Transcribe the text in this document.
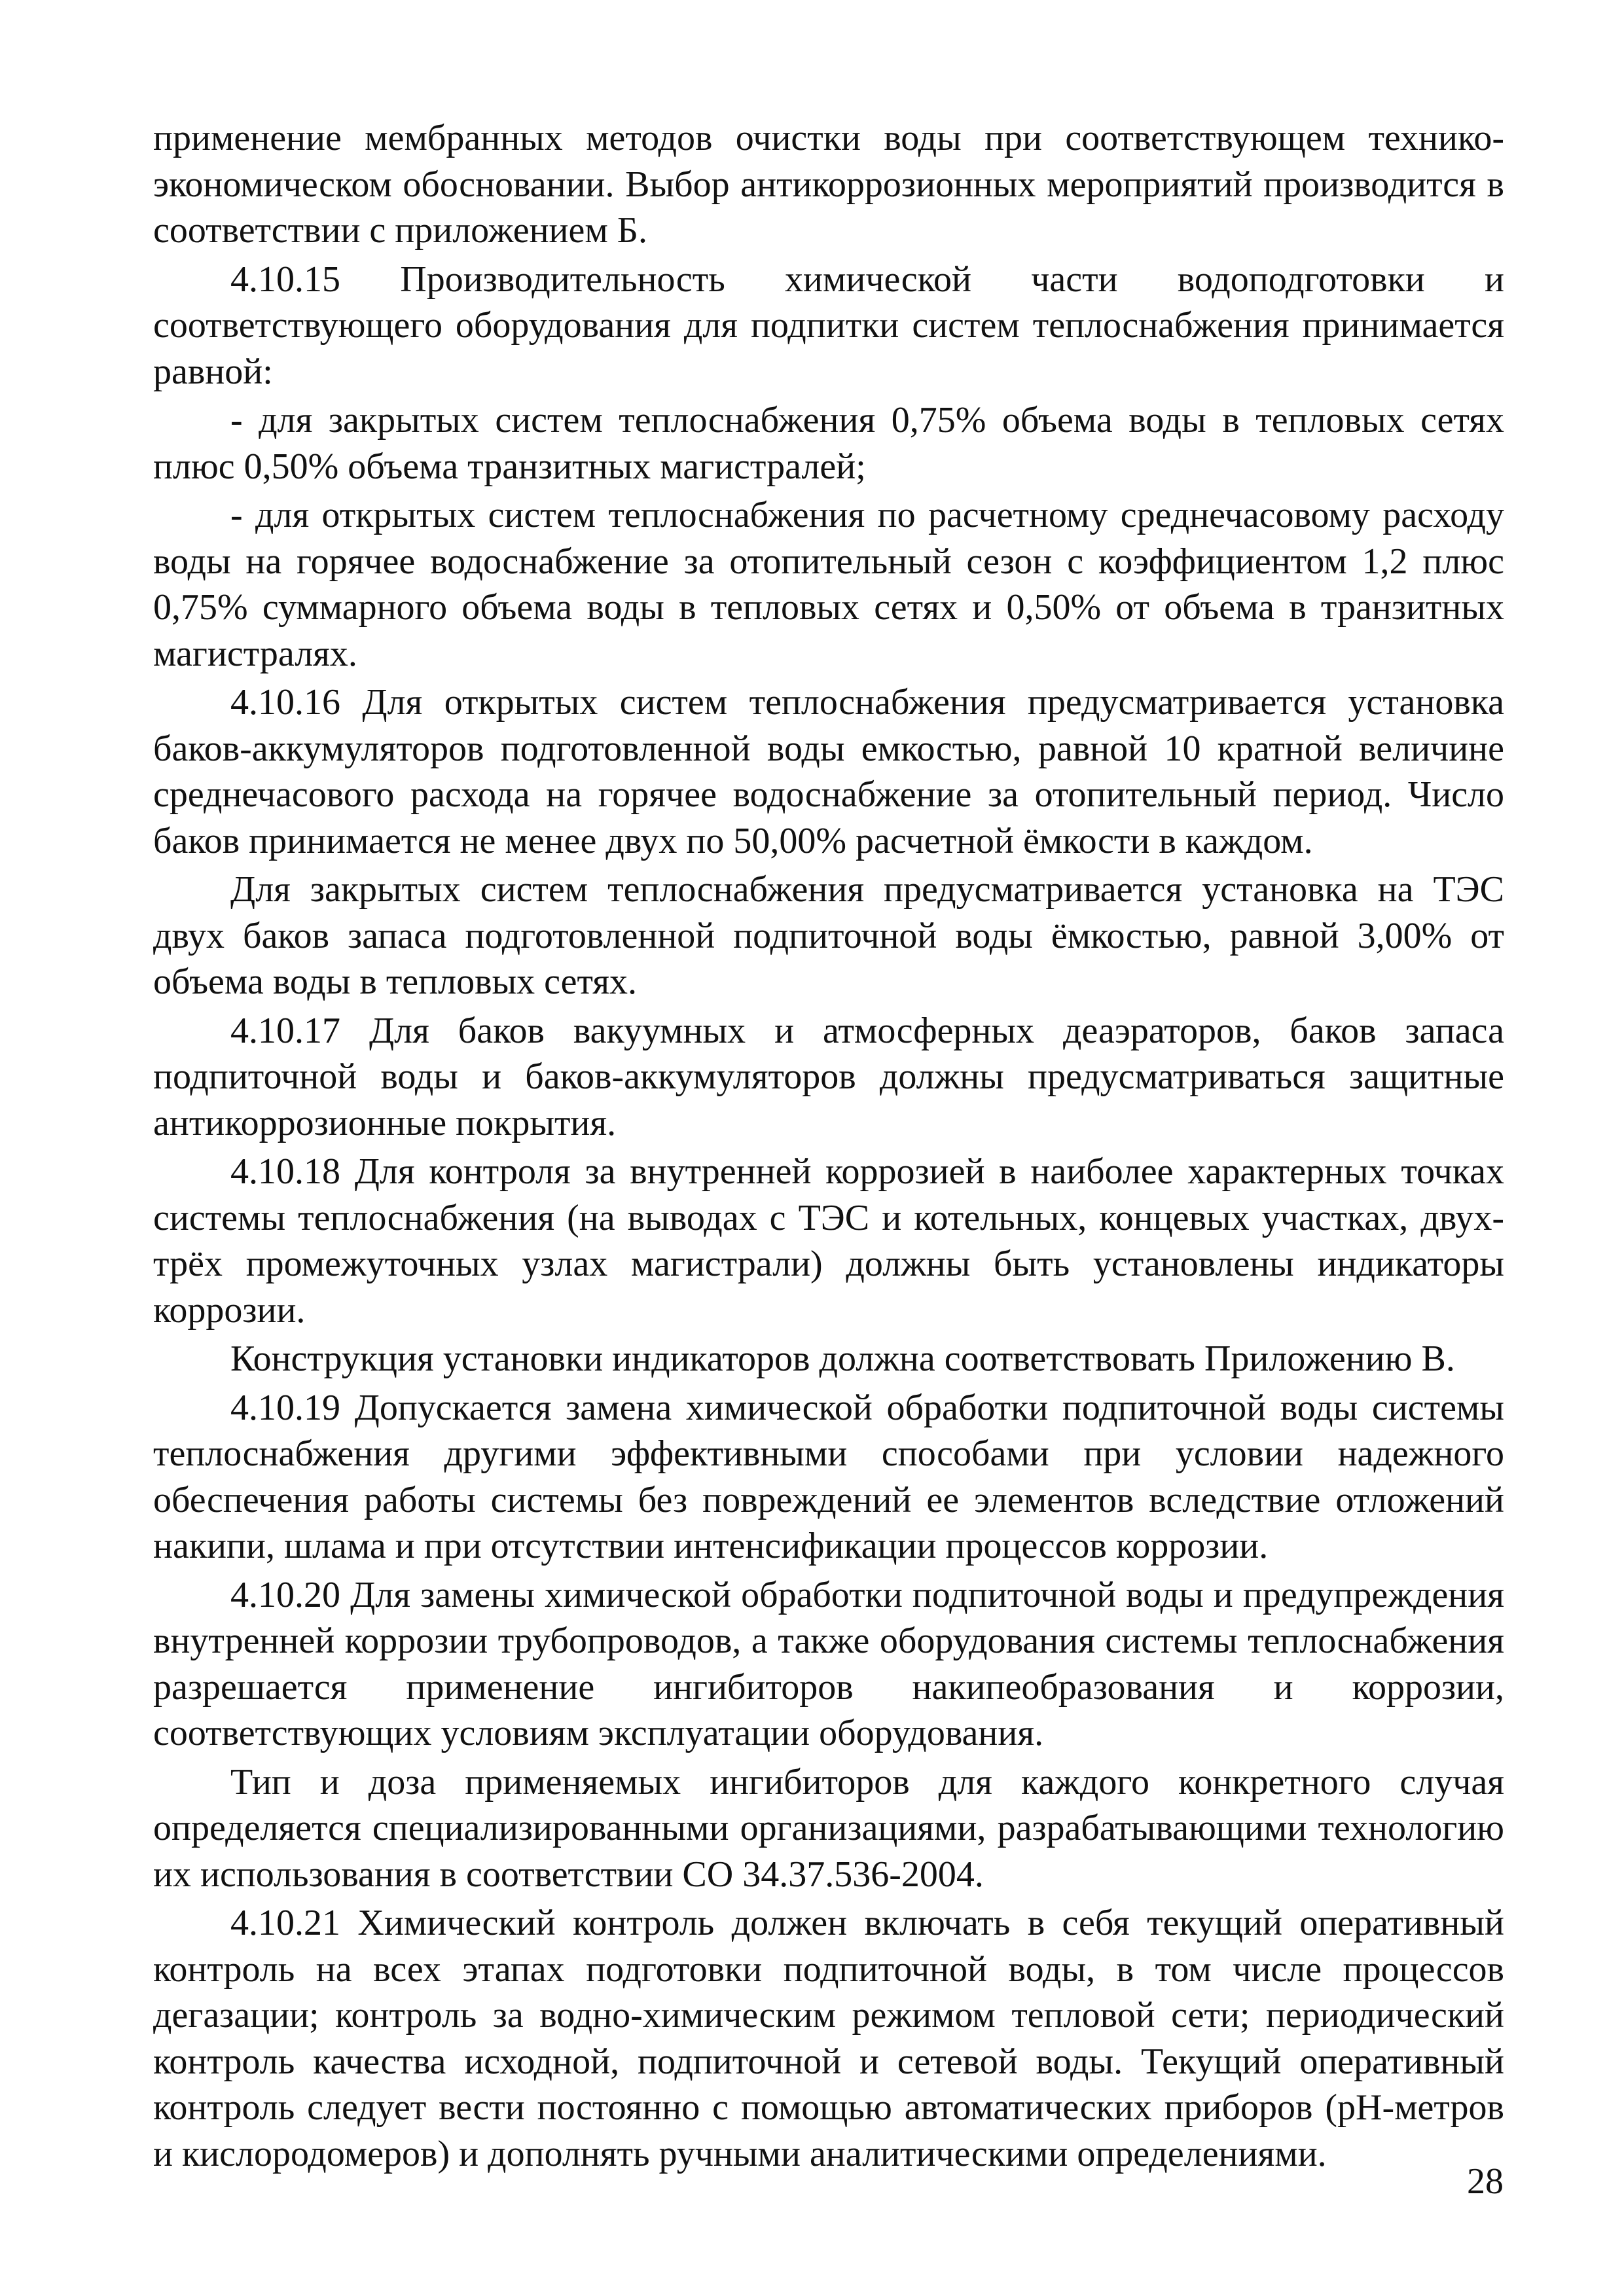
применение мембранных методов очистки воды при соответствующем технико-экономическом обосновании. Выбор антикоррозионных мероприятий производится в соответствии с приложением Б.

4.10.15 Производительность химической части водоподготовки и соответствующего оборудования для подпитки систем теплоснабжения принимается равной:

- для закрытых систем теплоснабжения 0,75% объема воды в тепловых сетях плюс 0,50% объема транзитных магистралей;

- для открытых систем теплоснабжения по расчетному среднечасовому расходу воды на горячее водоснабжение за отопительный сезон с коэффициентом 1,2 плюс 0,75% суммарного объема воды в тепловых сетях и 0,50% от объема в транзитных магистралях.

4.10.16 Для открытых систем теплоснабжения предусматривается установка баков-аккумуляторов подготовленной воды емкостью, равной 10 кратной величине среднечасового расхода на горячее водоснабжение за отопительный период. Число баков принимается не менее двух по 50,00% расчетной ёмкости в каждом.

Для закрытых систем теплоснабжения предусматривается установка на ТЭС двух баков запаса подготовленной подпиточной воды ёмкостью, равной 3,00% от объема воды в тепловых сетях.

4.10.17 Для баков вакуумных и атмосферных деаэраторов, баков запаса подпиточной воды и баков-аккумуляторов должны предусматриваться защитные антикоррозионные покрытия.

4.10.18 Для контроля за внутренней коррозией в наиболее характерных точках системы теплоснабжения (на выводах с ТЭС и котельных, концевых участках, двух-трёх промежуточных узлах магистрали) должны быть установлены индикаторы коррозии.

Конструкция установки индикаторов должна соответствовать Приложению В.

4.10.19 Допускается замена химической обработки подпиточной воды системы теплоснабжения другими эффективными способами при условии надежного обеспечения работы системы без повреждений ее элементов вследствие отложений накипи, шлама и при отсутствии интенсификации процессов коррозии.

4.10.20 Для замены химической обработки подпиточной воды и предупреждения внутренней коррозии трубопроводов, а также оборудования системы теплоснабжения разрешается применение ингибиторов накипеобразования и коррозии, соответствующих условиям эксплуатации оборудования.

Тип и доза применяемых ингибиторов для каждого конкретного случая определяется специализированными организациями, разрабатывающими технологию их использования в соответствии СО 34.37.536-2004.

4.10.21 Химический контроль должен включать в себя текущий оперативный контроль на всех этапах подготовки подпиточной воды, в том числе процессов дегазации; контроль за водно-химическим режимом тепловой сети; периодический контроль качества исходной, подпиточной и сетевой воды. Текущий оперативный контроль следует вести постоянно с помощью автоматических приборов (pH-метров и кислородомеров) и дополнять ручными аналитическими определениями.

28
